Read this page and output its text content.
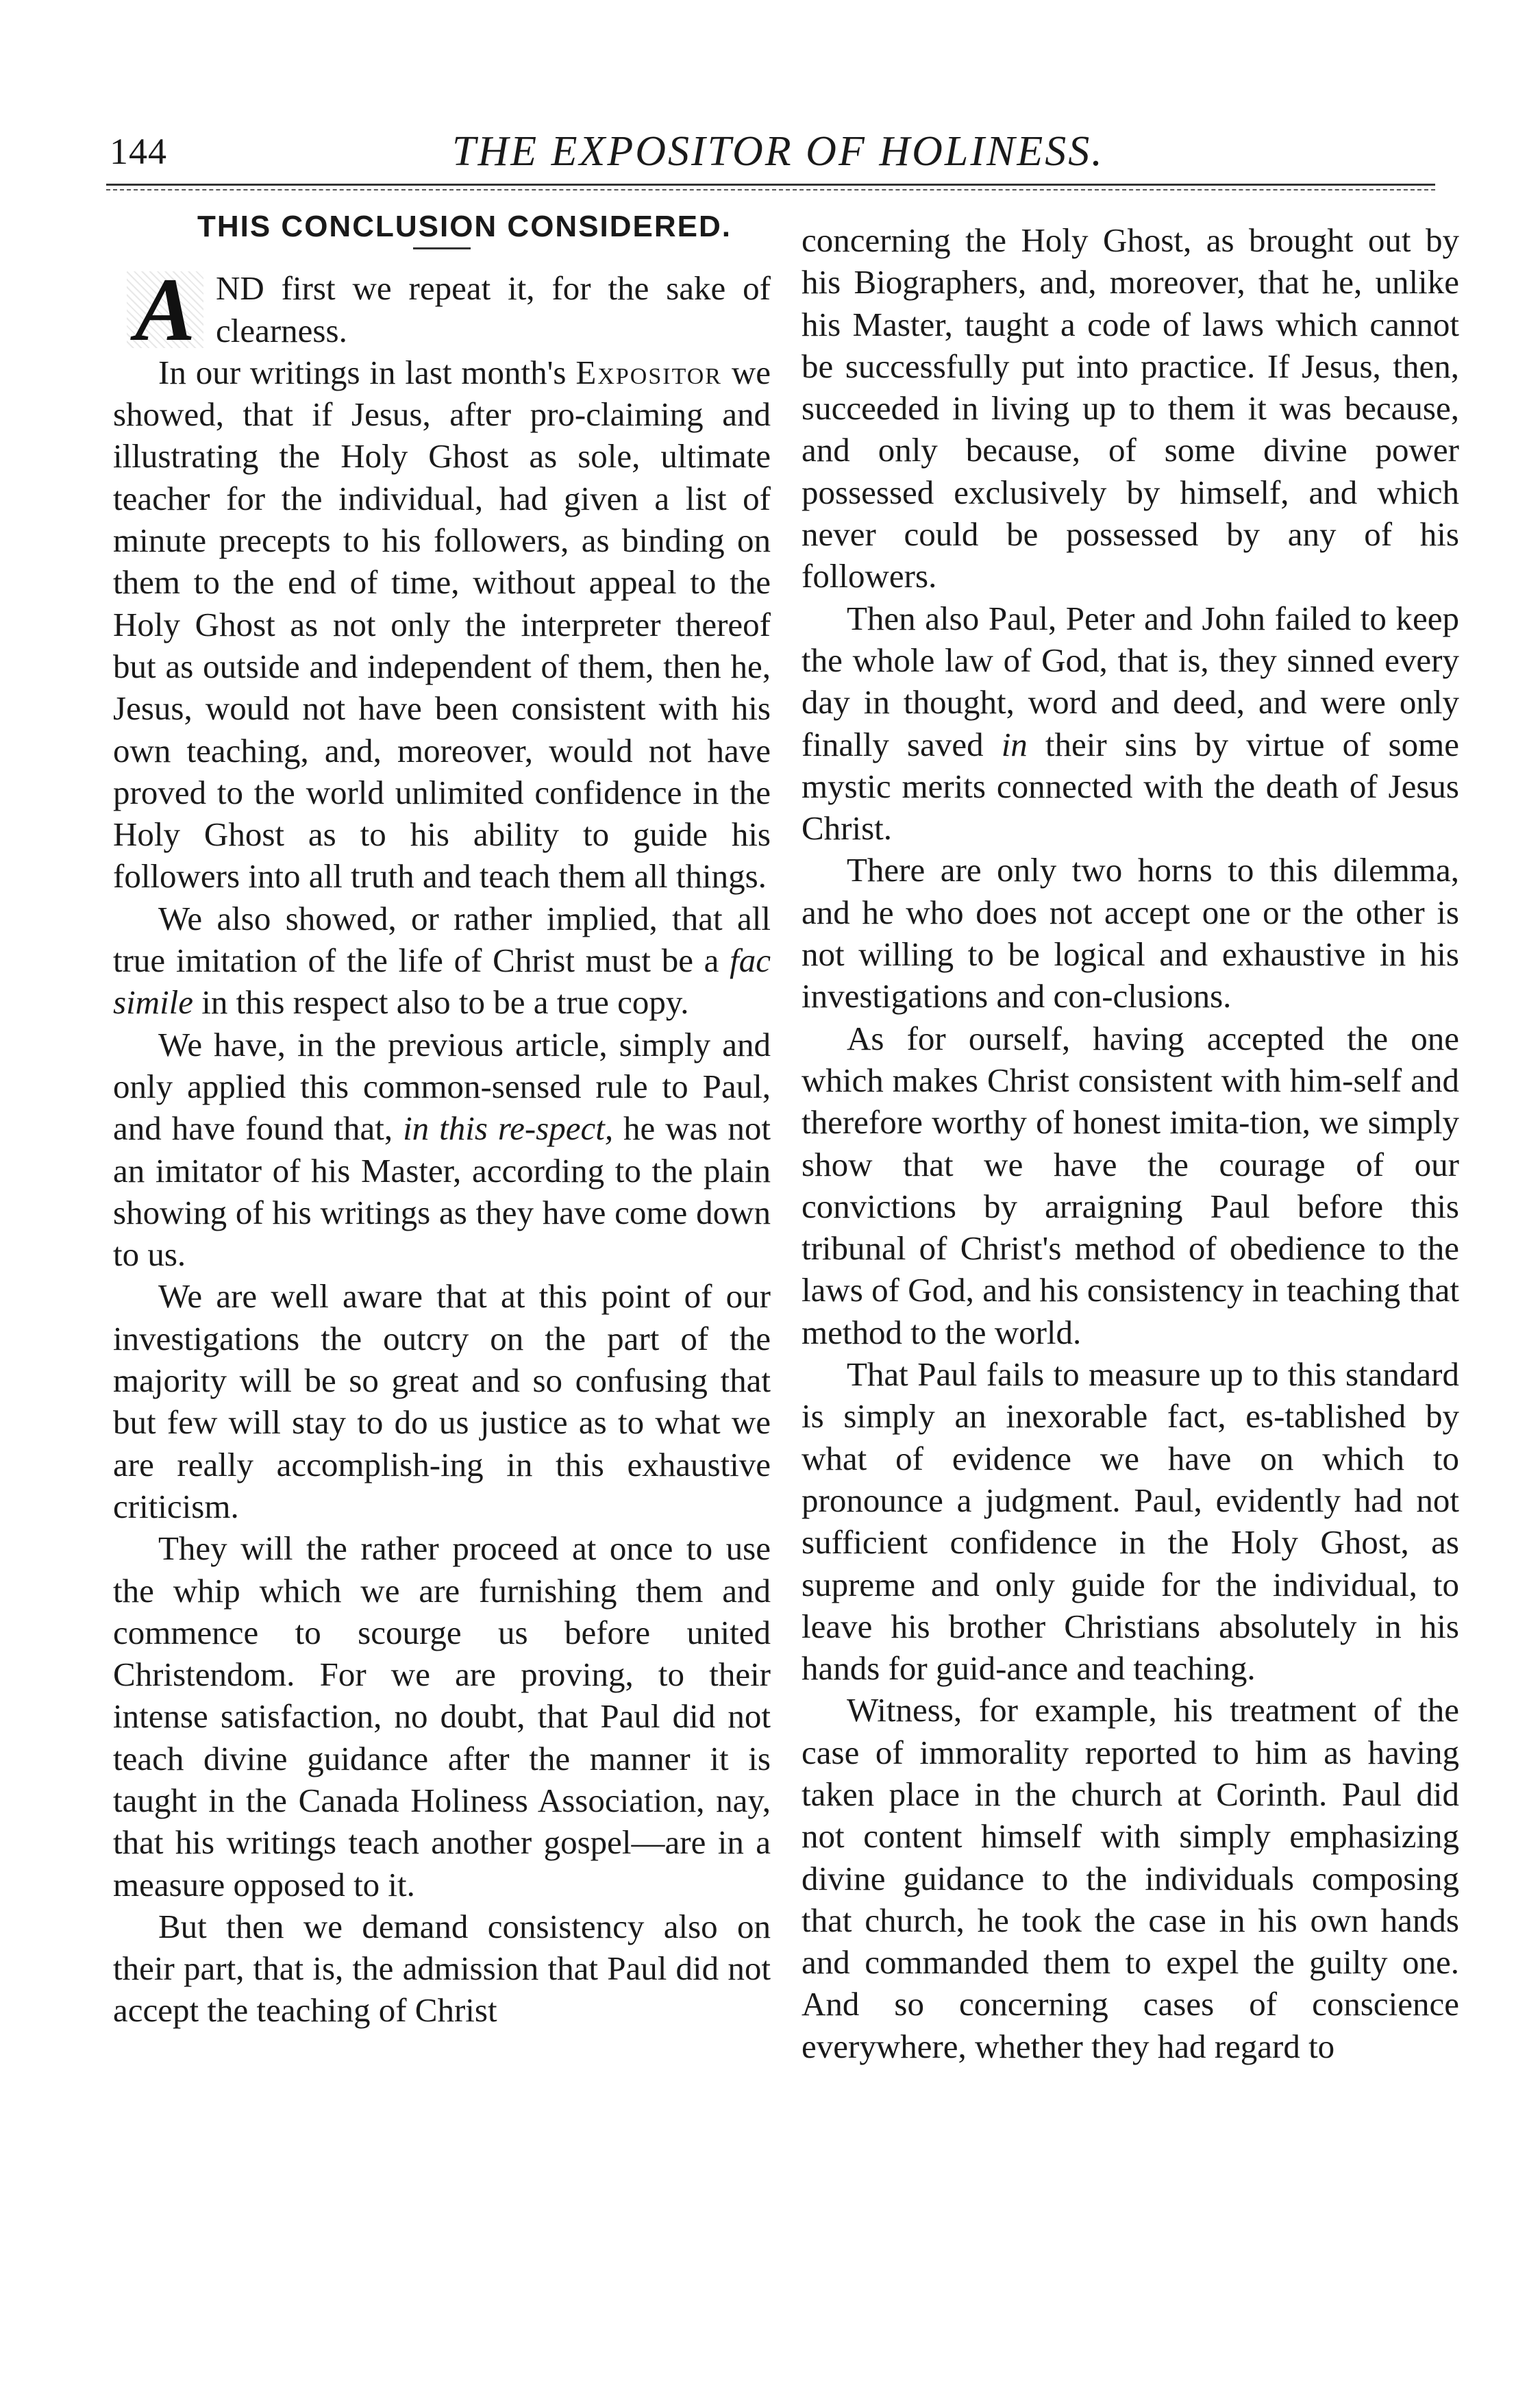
144	THE EXPOSITOR OF HOLINESS.

THIS CONCLUSION CONSIDERED.

A ND first we repeat it, for the sake of clearness.

In our writings in last month's Expositor we showed, that if Jesus, after pro-claiming and illustrating the Holy Ghost as sole, ultimate teacher for the individual, had given a list of minute precepts to his followers, as binding on them to the end of time, without appeal to the Holy Ghost as not only the interpreter thereof but as outside and independent of them, then he, Jesus, would not have been consistent with his own teaching, and, moreover, would not have proved to the world unlimited confidence in the Holy Ghost as to his ability to guide his followers into all truth and teach them all things.

We also showed, or rather implied, that all true imitation of the life of Christ must be a fac simile in this respect also to be a true copy.

We have, in the previous article, simply and only applied this common-sensed rule to Paul, and have found that, in this re-spect, he was not an imitator of his Master, according to the plain showing of his writings as they have come down to us.

We are well aware that at this point of our investigations the outcry on the part of the majority will be so great and so confusing that but few will stay to do us justice as to what we are really accomplish-ing in this exhaustive criticism.

They will the rather proceed at once to use the whip which we are furnishing them and commence to scourge us before united Christendom. For we are proving, to their intense satisfaction, no doubt, that Paul did not teach divine guidance after the manner it is taught in the Canada Holiness Association, nay, that his writings teach another gospel—are in a measure opposed to it.

But then we demand consistency also on their part, that is, the admission that Paul did not accept the teaching of Christ

concerning the Holy Ghost, as brought out by his Biographers, and, moreover, that he, unlike his Master, taught a code of laws which cannot be successfully put into practice. If Jesus, then, succeeded in living up to them it was because, and only because, of some divine power possessed exclusively by himself, and which never could be possessed by any of his followers.

Then also Paul, Peter and John failed to keep the whole law of God, that is, they sinned every day in thought, word and deed, and were only finally saved in their sins by virtue of some mystic merits connected with the death of Jesus Christ.

There are only two horns to this dilemma, and he who does not accept one or the other is not willing to be logical and exhaustive in his investigations and con-clusions.

As for ourself, having accepted the one which makes Christ consistent with him-self and therefore worthy of honest imita-tion, we simply show that we have the courage of our convictions by arraigning Paul before this tribunal of Christ's method of obedience to the laws of God, and his consistency in teaching that method to the world.

That Paul fails to measure up to this standard is simply an inexorable fact, es-tablished by what of evidence we have on which to pronounce a judgment. Paul, evidently had not sufficient confidence in the Holy Ghost, as supreme and only guide for the individual, to leave his brother Christians absolutely in his hands for guid-ance and teaching.

Witness, for example, his treatment of the case of immorality reported to him as having taken place in the church at Corinth. Paul did not content himself with simply emphasizing divine guidance to the individuals composing that church, he took the case in his own hands and commanded them to expel the guilty one. And so concerning cases of conscience everywhere, whether they had regard to
